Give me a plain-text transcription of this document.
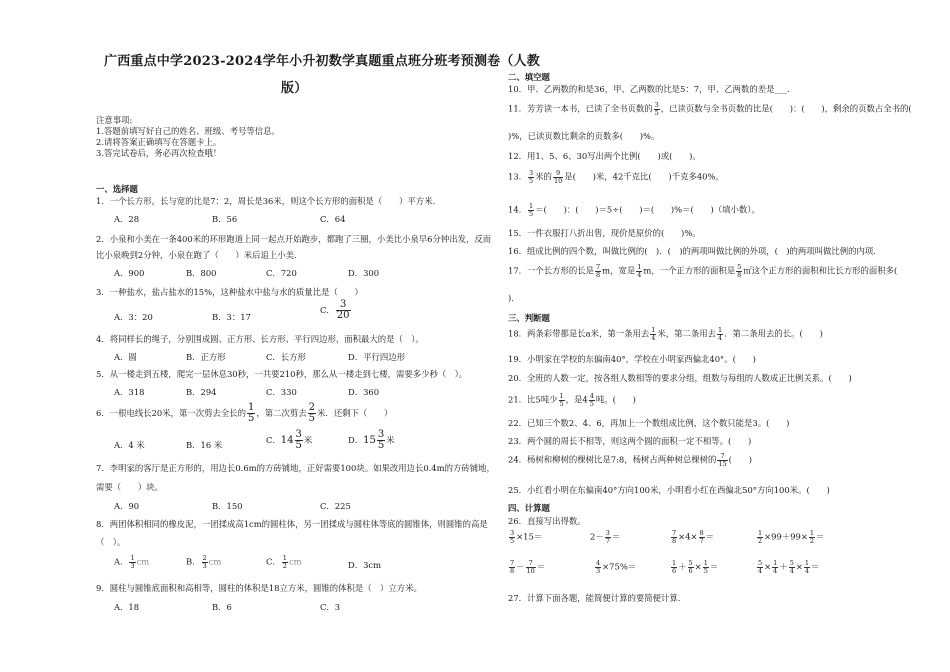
广西重点中学2023-2024学年小升初数学真题重点班分班考预测卷（人教
版）
注意事项:
1.答题前填写好自己的姓名、班级、考号等信息。
2.请将答案正确填写在答题卡上。
3.答完试卷后，务必再次检查哦！
一、选择题
1．一个长方形，长与宽的比是7：2，周长是36米，则这个长方形的面积是（　　）平方米.
A．28	B．56	C．64
2．小泉和小美在一条400米的环形跑道上同一起点开始跑步，都跑了三圈，小美比小泉早6分钟出发，反而
比小泉晚到2分钟，小泉在跑了（　　）米后追上小美.
A．900	B．800	C．720	D．300
3．一种盐水，盐占盐水的15%，这种盐水中盐与水的质量比是（　　）
A．3：20	B．3：17
C． $\frac{3}{20}$
4．将同样长的绳子，分别围成圆、正方形、长方形、平行四边形，面积最大的是（　）。
A．圆	B．正方形	C．长方形	D．平行四边形
5．从一楼走到五楼，爬完一层休息30秒，一共要210秒，那么从一楼走到七楼，需要多少秒（　）。
A．318	B．294	C．330	D．360
6．一根电线长20米，第一次剪去全长的 $\frac{1}{5}$ ，第二次剪去 $\frac{2}{5}$ 米．还剩下（　　）
A．4 米	B．16 米	C．$14 \frac{3}{5}$ 米	D．$15 \frac{3}{5}$ 米
7．李明家的客厅是正方形的，用边长0.6m的方砖铺地，正好需要100块。如果改用边长0.4m的方砖铺地，
需要（　　）块。
A．90	B．150	C．225
8．两团体积相同的橡皮泥，一团揉成高1cm的圆柱体，另一团揉成与圆柱体等底的圆锥体，则圆锥的高是
（　）。
A． $\frac{1}{3}$ cm	B． $\frac{2}{3}$ cm	C． $\frac{1}{2}$ cm	D．3cm
9．圆柱与圆锥底面积和高相等，圆柱的体积是18立方米，圆锥的体积是（　）立方米。
A．18	B．6	C．3
二、填空题
10．甲、乙两数的和是36，甲、乙两数的比是5：7，甲、乙两数的差是___.
11．芳芳读一本书，已读了全书页数的 $\frac{3}{5}$ ，已读页数与全书页数的比是(　　)：(　　)，剩余的页数占全书的(
)%，已读页数比剩余的页数多(　　)%。
12．用1、5、6、30写出两个比例(　　)或(　　)。
13． $\frac{3}{5}$ 米的 $\frac{9}{10}$ 是(　　)米，42千克比(　　)千克多40%。
14． $\frac{1}{5}$ ＝(　　)：(　　)＝5÷(　　)＝(　　)%＝(　　)（填小数）。
15．一件衣服打八折出售，现价是原价的(　　)%。
16．组成比例的四个数，叫做比例的(　)．(　)的两项叫做比例的外项，(　)的两项叫做比例的内项.
17．一个长方形的长是 $\frac{7}{8}$ m，宽是 $\frac{1}{4}$ m，一个正方形的面积是 $\frac{5}{8}$ ㎡这个正方形的面积和比长方形的面积多(
)．
三、判断题
18．两条彩带都是长a米，第一条用去 $\frac{1}{4}$ 米，第二条用去 $\frac{1}{4}$ ．第二条用去的长。(　　)
19．小明家在学校的东偏南40°，学校在小明家西偏北40°。(　　)
20．全班的人数一定，按各组人数相等的要求分组，组数与每组的人数成正比例关系。(　　)
21．比5吨少 $\frac{1}{5}$ ，是$4 \frac{4}{5}$ 吨。(　　)
22．已知三个数2、4、6，再加上一个数组成比例，这个数只能是3。(　　)
23．两个圆的周长不相等，则这两个圆的面积一定不相等。(　　)
24．杨树和柳树的棵树比是7:8，杨树占两种树总棵树的 $\frac{7}{15}$ (　　)
25．小红看小明在东偏南40°方向100米，小明看小红在西偏北50°方向100米。(　　)
四、计算题
26．直接写出得数。
$\frac{3}{5} \times 15=$	$2- \frac{3}{7}$ ＝	$\frac{7}{8} \times 4\times \frac{8}{7}$ ＝	$\frac{1}{2} \times 99+99\times \frac{1}{2}$ ＝
$\frac{7}{8} - \frac{7}{10}$ ＝	$\frac{4}{3} \times 75\%=$	$\frac{1}{6} + \frac{5}{6} \times \frac{1}{5}$ ＝	$\frac{5}{4} \times \frac{1}{4} + \frac{5}{4} \times \frac{1}{4}$ ＝
27．计算下面各题，能简便计算的要简便计算.
